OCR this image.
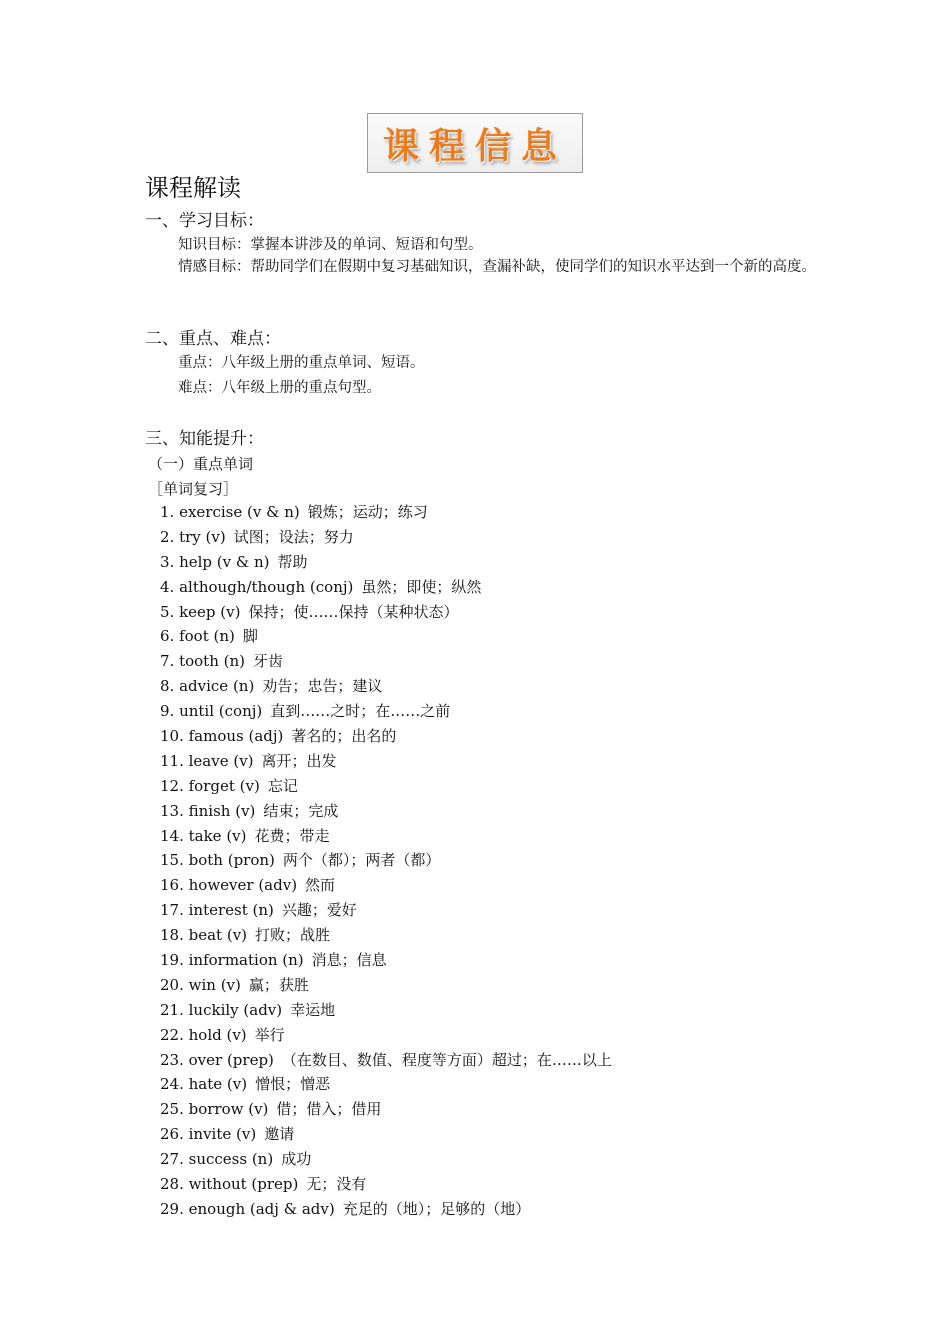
课程信息
课程解读
一、学习目标：
知识目标：掌握本讲涉及的单词、短语和句型。
情感目标：帮助同学们在假期中复习基础知识，查漏补缺，使同学们的知识水平达到一个新的高度。
二、重点、难点：
重点：八年级上册的重点单词、短语。
难点：八年级上册的重点句型。
三、知能提升：
（一）重点单词
［单词复习］
1. exercise (v & n) 锻炼；运动；练习
2. try (v) 试图；设法；努力
3. help (v & n) 帮助
4. although/though (conj) 虽然；即使；纵然
5. keep (v) 保持；使……保持（某种状态）
6. foot (n) 脚
7. tooth (n) 牙齿
8. advice (n) 劝告；忠告；建议
9. until (conj) 直到……之时；在……之前
10. famous (adj) 著名的；出名的
11. leave (v) 离开；出发
12. forget (v) 忘记
13. finish (v) 结束；完成
14. take (v) 花费；带走
15. both (pron) 两个（都）；两者（都）
16. however (adv) 然而
17. interest (n) 兴趣；爱好
18. beat (v) 打败；战胜
19. information (n) 消息；信息
20. win (v) 赢；获胜
21. luckily (adv) 幸运地
22. hold (v) 举行
23. over (prep) （在数目、数值、程度等方面）超过；在……以上
24. hate (v) 憎恨；憎恶
25. borrow (v) 借；借入；借用
26. invite (v) 邀请
27. success (n) 成功
28. without (prep) 无；没有
29. enough (adj & adv) 充足的（地）；足够的（地）
